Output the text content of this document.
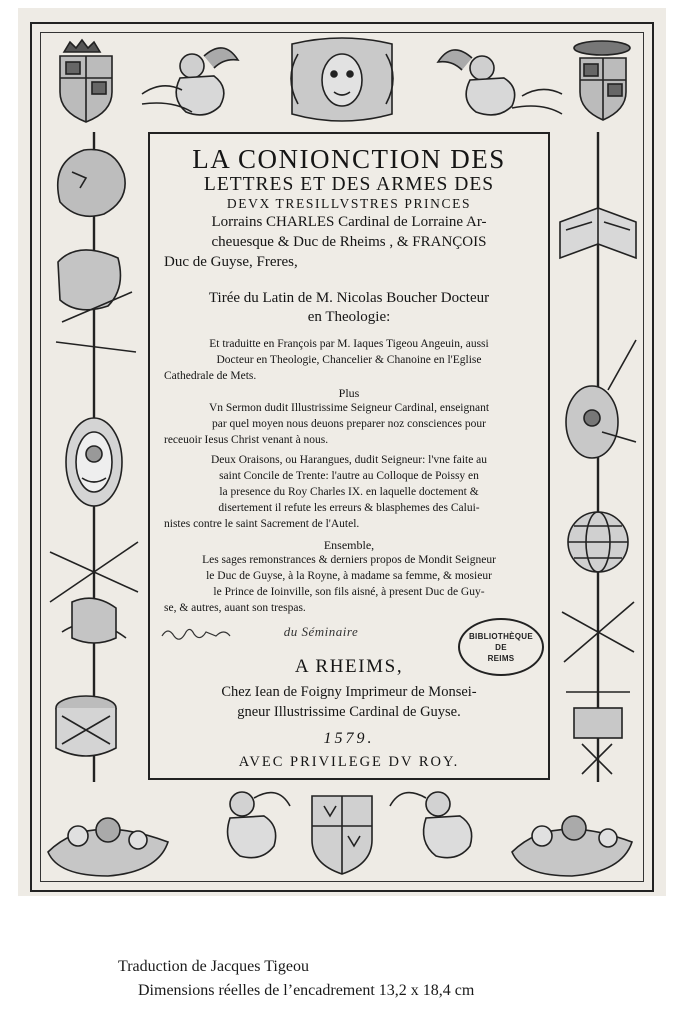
LA CONIONCTION DES
LETTRES ET DES ARMES DES
DEVX TRESILLVSTRES PRINCES
Lorrains CHARLES Cardinal de Lorraine Ar-
cheuesque & Duc de Rheims , & FRANÇOIS
Duc de Guyse, Freres,
Tirée du Latin de M. Nicolas Boucher Docteur
en Theologie:
Et traduitte en François par M. Iaques Tigeou Angeuin, aussi
Docteur en Theologie, Chancelier & Chanoine en l'Eglise
Cathedrale de Mets.
Plus
Vn Sermon dudit Illustrissime Seigneur Cardinal, enseignant
par quel moyen nous deuons preparer noz consciences pour
receuoir Iesus Christ venant à nous.
Deux Oraisons, ou Harangues, dudit Seigneur: l'vne faite au
saint Concile de Trente: l'autre au Colloque de Poissy en
la presence du Roy Charles IX. en laquelle doctement &
disertement il refute les erreurs & blasphemes des Calui-
nistes contre le saint Sacrement de l'Autel.
Ensemble,
Les sages remonstrances & derniers propos de Mondit Seigneur
le Duc de Guyse, à la Royne, à madame sa femme, & mosieur
le Prince de Ioinville, son fils aisné, à present Duc de Guy-
se, & autres, auant son trespas.
du Séminaire	BIBLIOTHÈQUE
DE
REIMS
A RHEIMS,
Chez Iean de Foigny Imprimeur de Monsei-
gneur Illustrissime Cardinal de Guyse.
1579.
AVEC PRIVILEGE DV ROY.
Traduction de Jacques Tigeou
Dimensions réelles de l’encadrement 13,2 x 18,4 cm
